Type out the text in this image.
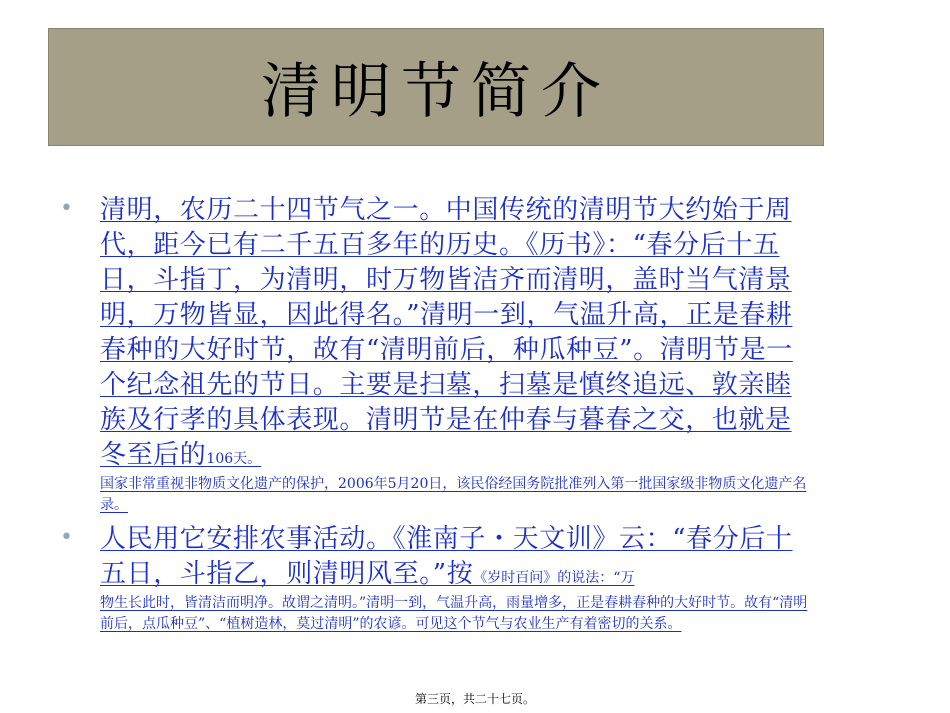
清明节简介
• 清明，农历二十四节气之一。中国传统的清明节大约始于周代，距今已有二千五百多年的历史。《历书》：“春分后十五日，斗指丁，为清明，时万物皆洁齐而清明，盖时当气清景明，万物皆显，因此得名。”清明一到，气温升高，正是春耕春种的大好时节，故有“清明前后，种瓜种豆”。清明节是一个纪念祖先的节日。主要是扫墓，扫墓是慎终追远、敦亲睦族及行孝的具体表现。清明节是在仲春与暮春之交，也就是冬至后的106天。
国家非常重视非物质文化遗产的保护，2006年5月20日，该民俗经国务院批准列入第一批国家级非物质文化遗产名录。
• 人民用它安排农事活动。《淮南子・天文训》云：“春分后十五日，斗指乙，则清明风至。”按《岁时百问》的说法：“万
物生长此时，皆清洁而明净。故谓之清明。”清明一到，气温升高，雨量增多，正是春耕春种的大好时节。故有“清明前后，点瓜种豆”、“植树造林，莫过清明”的农谚。可见这个节气与农业生产有着密切的关系。
第三页，共二十七页。
